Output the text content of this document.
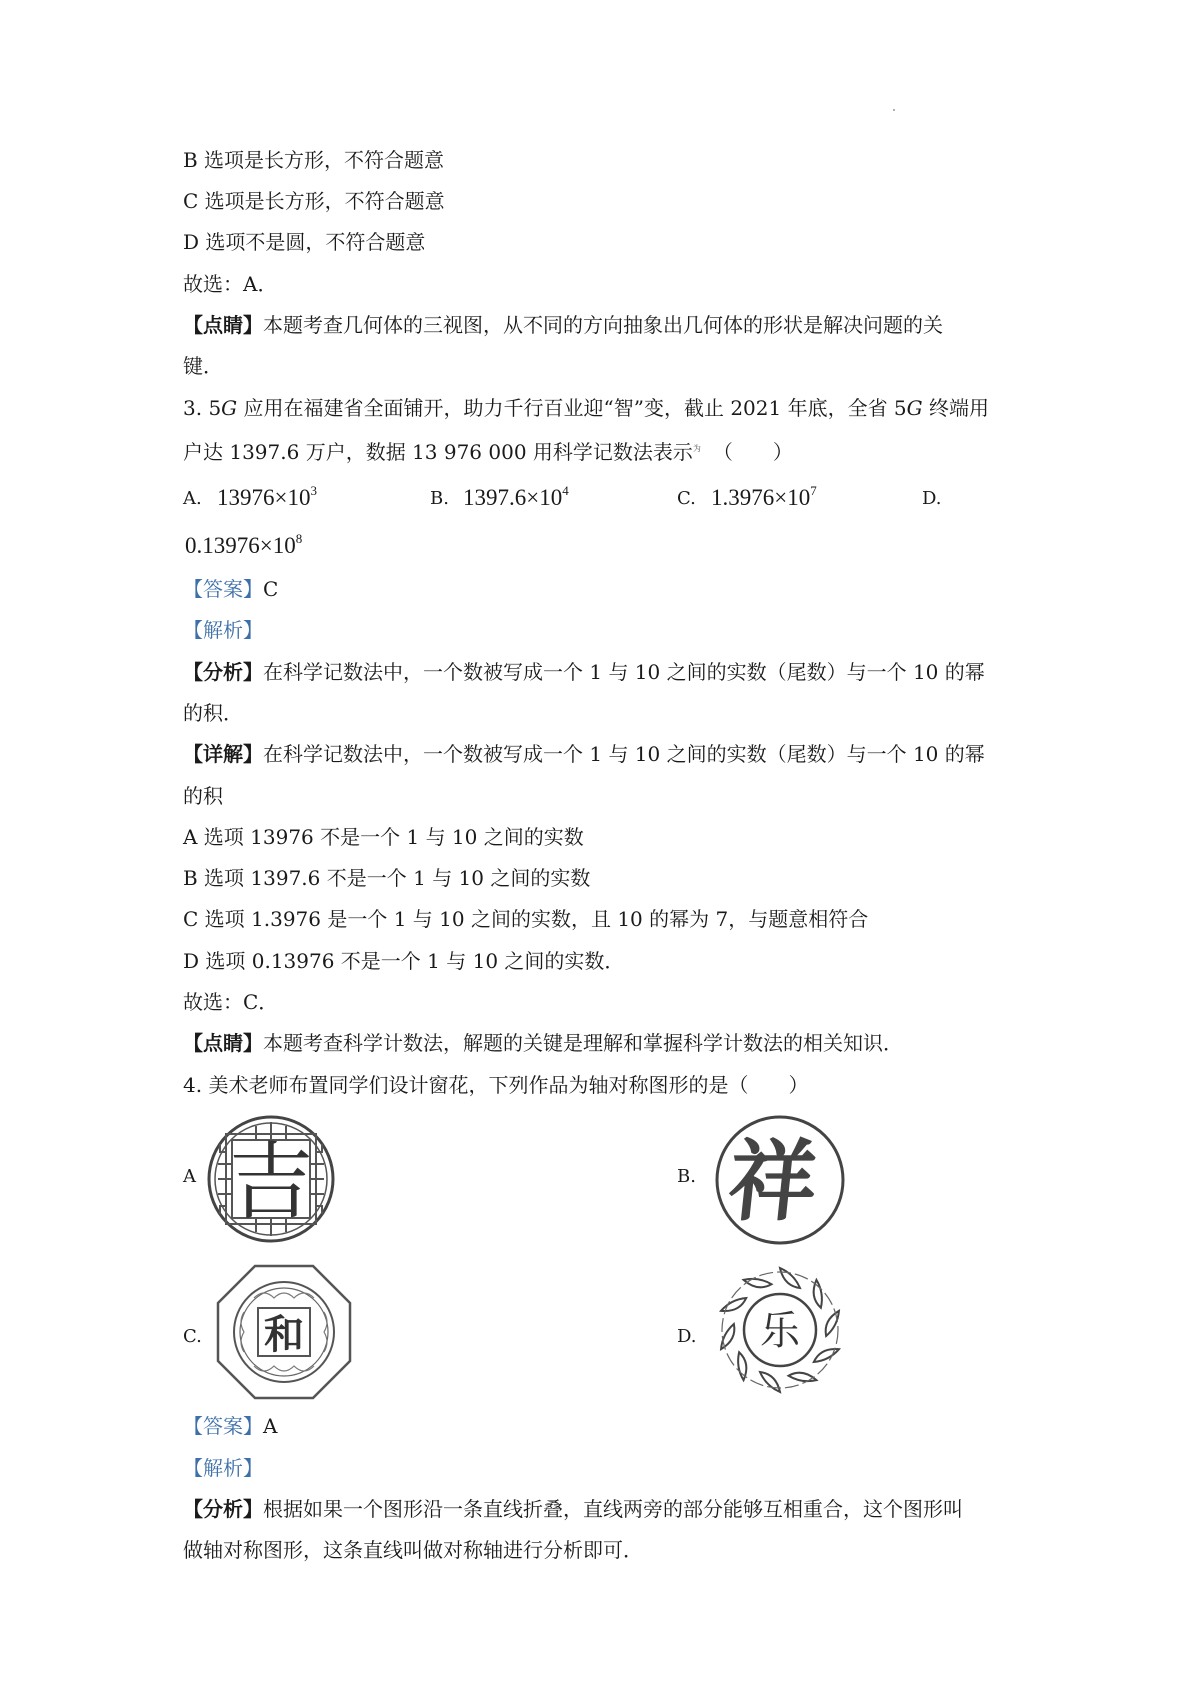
B 选项是长方形，不符合题意
C 选项是长方形，不符合题意
D 选项不是圆，不符合题意
故选：A．
【点睛】本题考查几何体的三视图，从不同的方向抽象出几何体的形状是解决问题的关
键．
3. 5G 应用在福建省全面铺开，助力千行百业迎“智”变，截止 2021 年底，全省 5G 终端用
户达 1397.6 万户，数据 13 976 000 用科学记数法表示$^为$ （　　）
A. $13976\times 10^3$	B. $1397.6\times 10^4$	C. $1.3976\times 10^7$	D.
$0.13976\times 10^8$
【答案】C
【解析】
【分析】在科学记数法中，一个数被写成一个 1 与 10 之间的实数（尾数）与一个 10 的幂
的积．
【详解】在科学记数法中，一个数被写成一个 1 与 10 之间的实数（尾数）与一个 10 的幂
的积
A 选项 13976 不是一个 1 与 10 之间的实数
B 选项 1397.6 不是一个 1 与 10 之间的实数
C 选项 1.3976 是一个 1 与 10 之间的实数，且 10 的幂为 7，与题意相符合
D 选项 0.13976 不是一个 1 与 10 之间的实数．
故选：C．
【点睛】本题考查科学计数法，解题的关键是理解和掌握科学计数法的相关知识．
4. 美术老师布置同学们设计窗花，下列作品为轴对称图形的是（　　）
A 吉	B. 祥
C. 和	D. 乐
【答案】A
【解析】
【分析】根据如果一个图形沿一条直线折叠，直线两旁的部分能够互相重合，这个图形叫
做轴对称图形，这条直线叫做对称轴进行分析即可．
